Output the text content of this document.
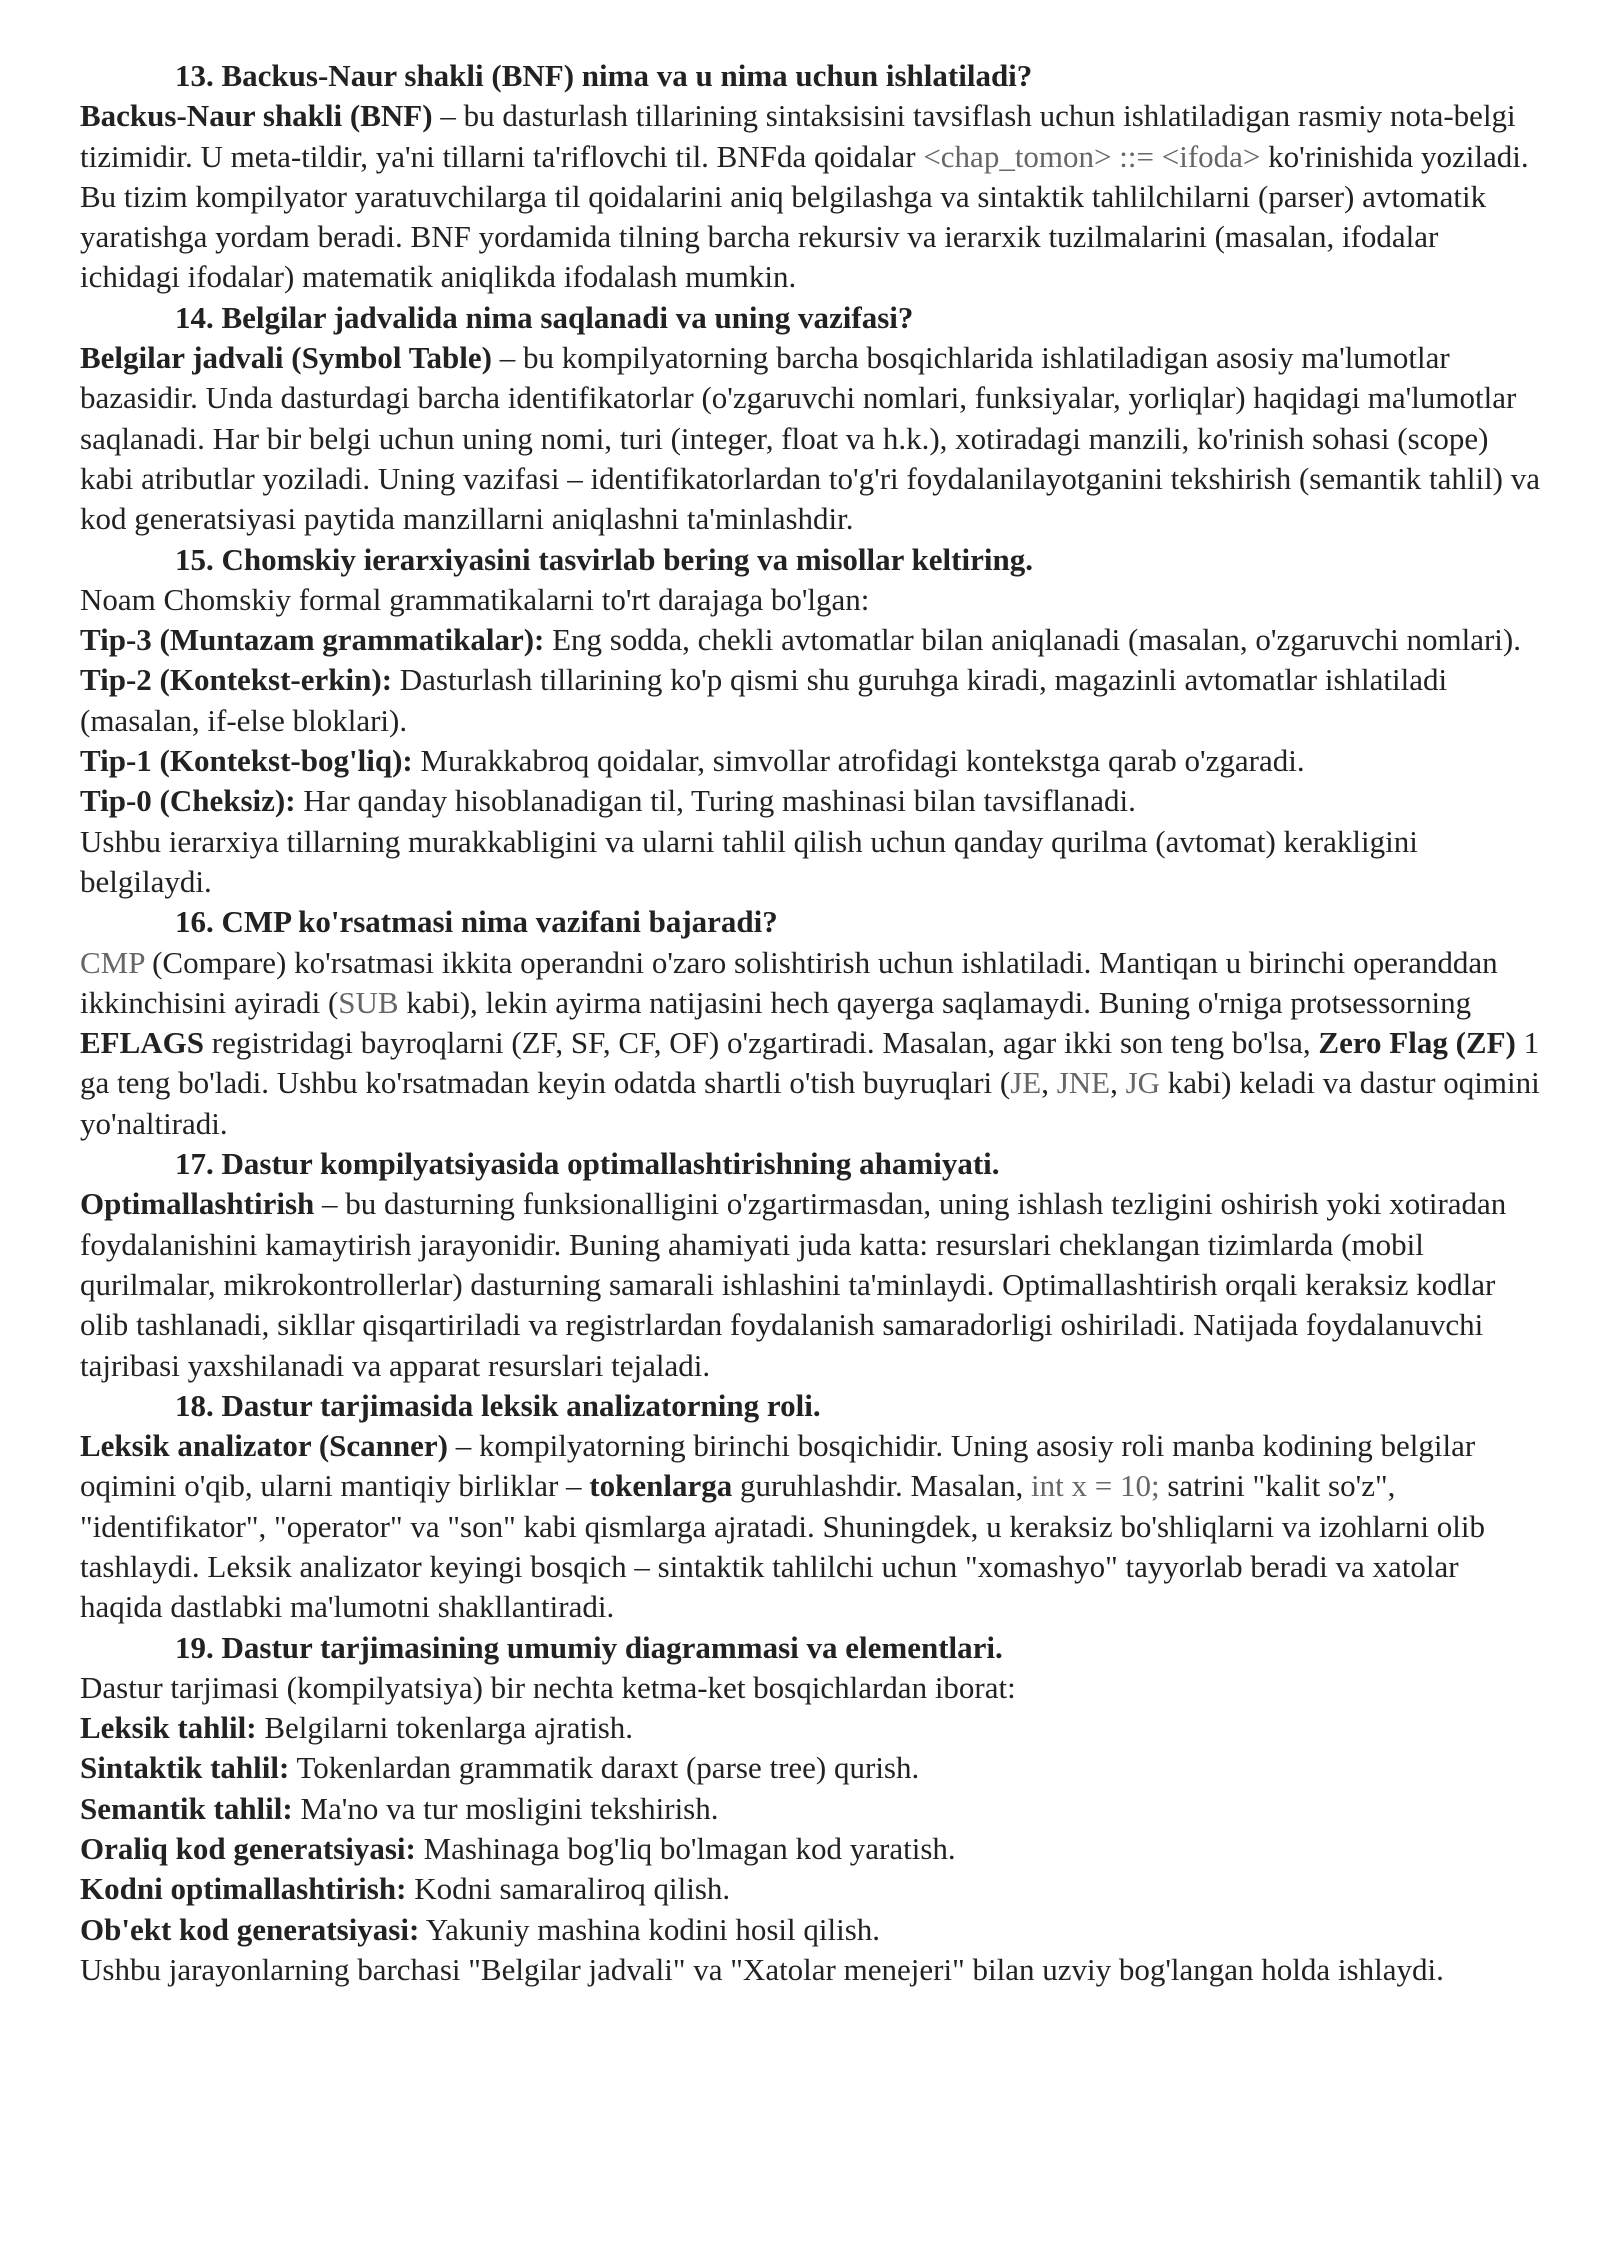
13. Backus-Naur shakli (BNF) nima va u nima uchun ishlatiladi?

Backus-Naur shakli (BNF) – bu dasturlash tillarining sintaksisini tavsiflash uchun ishlatiladigan rasmiy nota-belgi tizimidir. U meta-tildir, ya'ni tillarni ta'riflovchi til. BNFda qoidalar <chap_tomon> ::= <ifoda> ko'rinishida yoziladi. Bu tizim kompilyator yaratuvchilarga til qoidalarini aniq belgilashga va sintaktik tahlilchilarni (parser) avtomatik yaratishga yordam beradi. BNF yordamida tilning barcha rekursiv va ierarxik tuzilmalarini (masalan, ifodalar ichidagi ifodalar) matematik aniqlikda ifodalash mumkin.

14. Belgilar jadvalida nima saqlanadi va uning vazifasi?

Belgilar jadvali (Symbol Table) – bu kompilyatorning barcha bosqichlarida ishlatiladigan asosiy ma'lumotlar bazasidir. Unda dasturdagi barcha identifikatorlar (o'zgaruvchi nomlari, funksiyalar, yorliqlar) haqidagi ma'lumotlar saqlanadi. Har bir belgi uchun uning nomi, turi (integer, float va h.k.), xotiradagi manzili, ko'rinish sohasi (scope) kabi atributlar yoziladi. Uning vazifasi – identifikatorlardan to'g'ri foydalanilayotganini tekshirish (semantik tahlil) va kod generatsiyasi paytida manzillarni aniqlashni ta'minlashdir.

15. Chomskiy ierarxiyasini tasvirlab bering va misollar keltiring.

Noam Chomskiy formal grammatikalarni to'rt darajaga bo'lgan:

Tip-3 (Muntazam grammatikalar): Eng sodda, chekli avtomatlar bilan aniqlanadi (masalan, o'zgaruvchi nomlari).

Tip-2 (Kontekst-erkin): Dasturlash tillarining ko'p qismi shu guruhga kiradi, magazinli avtomatlar ishlatiladi (masalan, if-else bloklari).

Tip-1 (Kontekst-bog'liq): Murakkabroq qoidalar, simvollar atrofidagi kontekstga qarab o'zgaradi.

Tip-0 (Cheksiz): Har qanday hisoblanadigan til, Turing mashinasi bilan tavsiflanadi.

Ushbu ierarxiya tillarning murakkabligini va ularni tahlil qilish uchun qanday qurilma (avtomat) kerakligini belgilaydi.

16. CMP ko'rsatmasi nima vazifani bajaradi?

CMP (Compare) ko'rsatmasi ikkita operandni o'zaro solishtirish uchun ishlatiladi. Mantiqan u birinchi operanddan ikkinchisini ayiradi (SUB kabi), lekin ayirma natijasini hech qayerga saqlamaydi. Buning o'rniga protsessorning EFLAGS registridagi bayroqlarni (ZF, SF, CF, OF) o'zgartiradi. Masalan, agar ikki son teng bo'lsa, Zero Flag (ZF) 1 ga teng bo'ladi. Ushbu ko'rsatmadan keyin odatda shartli o'tish buyruqlari (JE, JNE, JG kabi) keladi va dastur oqimini yo'naltiradi.

17. Dastur kompilyatsiyasida optimallashtirishning ahamiyati.

Optimallashtirish – bu dasturning funksionalligini o'zgartirmasdan, uning ishlash tezligini oshirish yoki xotiradan foydalanishini kamaytirish jarayonidir. Buning ahamiyati juda katta: resurslari cheklangan tizimlarda (mobil qurilmalar, mikrokontrollerlar) dasturning samarali ishlashini ta'minlaydi. Optimallashtirish orqali keraksiz kodlar olib tashlanadi, sikllar qisqartiriladi va registrlardan foydalanish samaradorligi oshiriladi. Natijada foydalanuvchi tajribasi yaxshilanadi va apparat resurslari tejaladi.

18. Dastur tarjimasida leksik analizatorning roli.

Leksik analizator (Scanner) – kompilyatorning birinchi bosqichidir. Uning asosiy roli manba kodining belgilar oqimini o'qib, ularni mantiqiy birliklar – tokenlarga guruhlashdir. Masalan, int x = 10; satrini "kalit so'z", "identifikator", "operator" va "son" kabi qismlarga ajratadi. Shuningdek, u keraksiz bo'shliqlarni va izohlarni olib tashlaydi. Leksik analizator keyingi bosqich – sintaktik tahlilchi uchun "xomashyo" tayyorlab beradi va xatolar haqida dastlabki ma'lumotni shakllantiradi.

19. Dastur tarjimasining umumiy diagrammasi va elementlari.

Dastur tarjimasi (kompilyatsiya) bir nechta ketma-ket bosqichlardan iborat:

Leksik tahlil: Belgilarni tokenlarga ajratish.

Sintaktik tahlil: Tokenlardan grammatik daraxt (parse tree) qurish.

Semantik tahlil: Ma'no va tur mosligini tekshirish.

Oraliq kod generatsiyasi: Mashinaga bog'liq bo'lmagan kod yaratish.

Kodni optimallashtirish: Kodni samaraliroq qilish.

Ob'ekt kod generatsiyasi: Yakuniy mashina kodini hosil qilish.

Ushbu jarayonlarning barchasi "Belgilar jadvali" va "Xatolar menejeri" bilan uzviy bog'langan holda ishlaydi.
